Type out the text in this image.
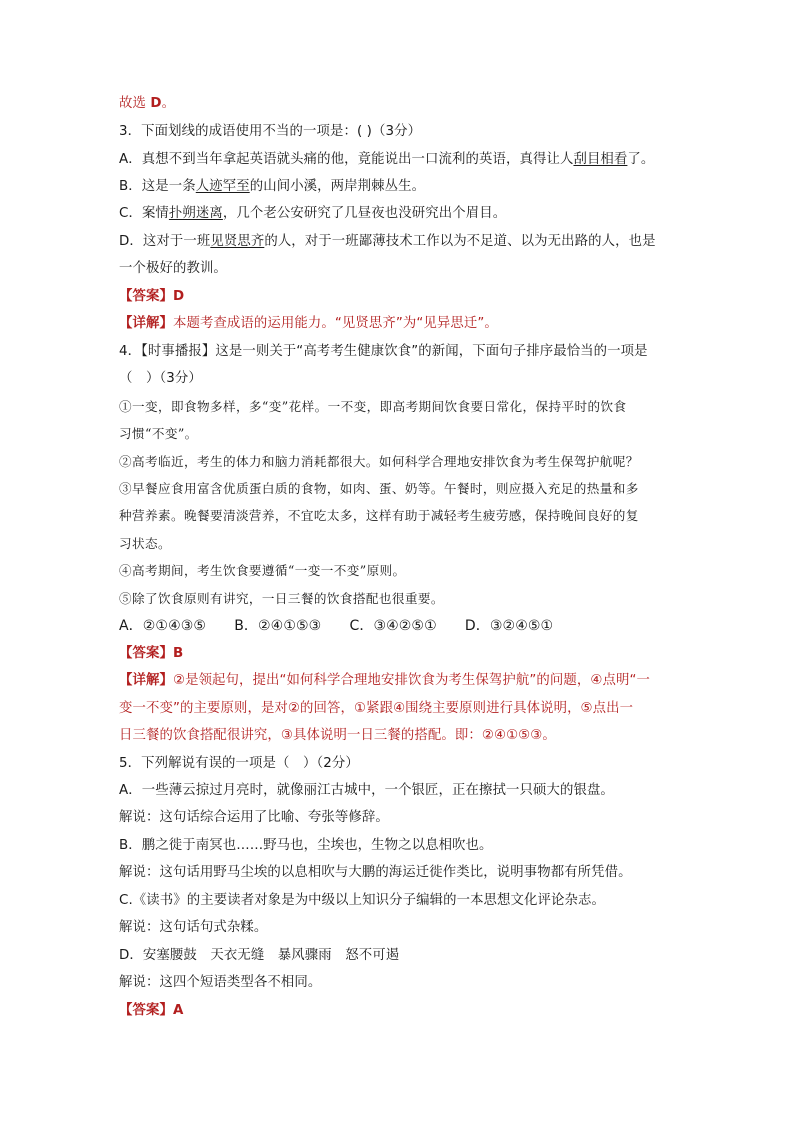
故选 D。
3．下面划线的成语使用不当的一项是：( )（3分）
A．真想不到当年拿起英语就头痛的他，竟能说出一口流利的英语，真得让人刮目相看了。
B．这是一条人迹罕至的山间小溪，两岸荆棘丛生。
C．案情扑朔迷离，几个老公安研究了几昼夜也没研究出个眉目。
D．这对于一班见贤思齐的人，对于一班鄙薄技术工作以为不足道、以为无出路的人，也是
一个极好的教训。
【答案】D
【详解】本题考查成语的运用能力。“见贤思齐”为“见异思迁”。
4．【时事播报】这是一则关于“高考考生健康饮食”的新闻，下面句子排序最恰当的一项是
（　）（3分）
①一变，即食物多样，多“变”花样。一不变，即高考期间饮食要日常化，保持平时的饮食
习惯“不变”。
②高考临近，考生的体力和脑力消耗都很大。如何科学合理地安排饮食为考生保驾护航呢？
③早餐应食用富含优质蛋白质的食物，如肉、蛋、奶等。午餐时，则应摄入充足的热量和多
种营养素。晚餐要清淡营养，不宜吃太多，这样有助于减轻考生疲劳感，保持晚间良好的复
习状态。
④高考期间，考生饮食要遵循“一变一不变”原则。
⑤除了饮食原则有讲究，一日三餐的饮食搭配也很重要。
A．②①④③⑤　　B．②④①⑤③　　C．③④②⑤①　　D．③②④⑤①
【答案】B
【详解】②是领起句，提出“如何科学合理地安排饮食为考生保驾护航”的问题，④点明“一
变一不变”的主要原则，是对②的回答，①紧跟④围绕主要原则进行具体说明，⑤点出一
日三餐的饮食搭配很讲究，③具体说明一日三餐的搭配。即：②④①⑤③。
5．下列解说有误的一项是（　）（2分）
A．一些薄云掠过月亮时，就像丽江古城中，一个银匠，正在擦拭一只硕大的银盘。
解说：这句话综合运用了比喻、夸张等修辞。
B．鹏之徙于南冥也……野马也，尘埃也，生物之以息相吹也。
解说：这句话用野马尘埃的以息相吹与大鹏的海运迁徙作类比，说明事物都有所凭借。
C.《读书》的主要读者对象是为中级以上知识分子编辑的一本思想文化评论杂志。
解说：这句话句式杂糅。
D．安塞腰鼓　天衣无缝　暴风骤雨　怒不可遏
解说：这四个短语类型各不相同。
【答案】A
